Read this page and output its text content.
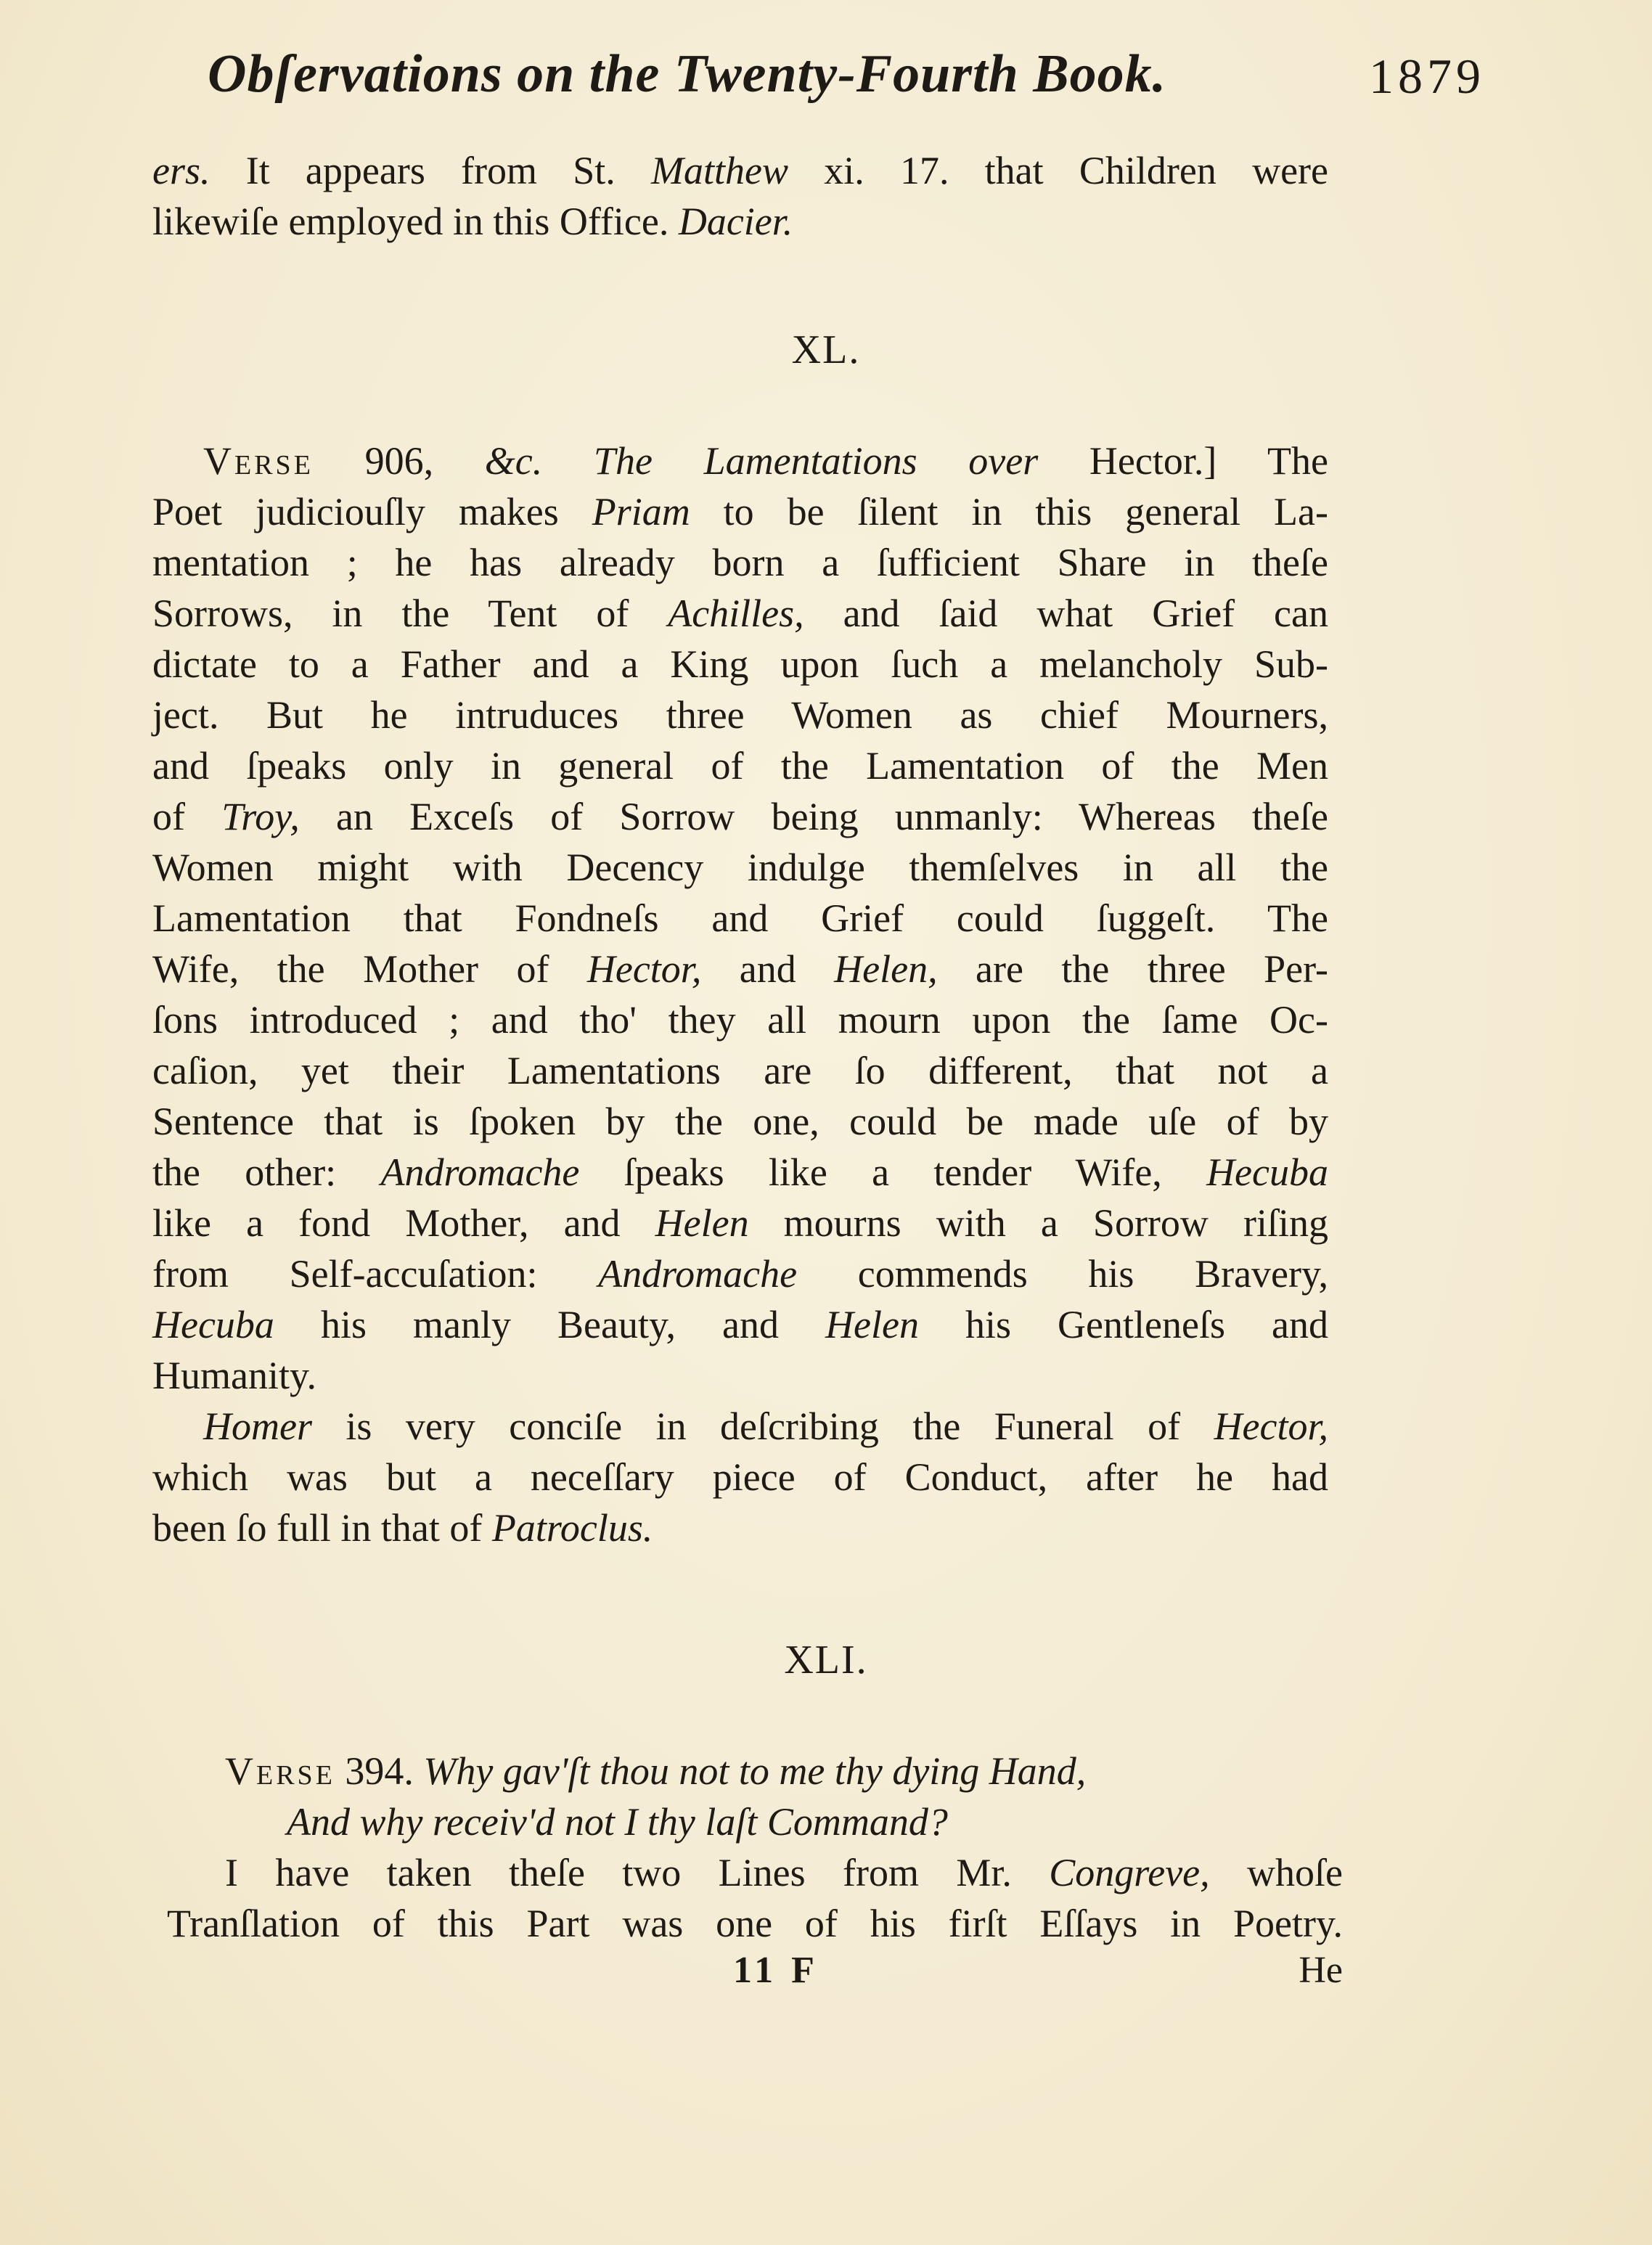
Obſervations on the Twenty-Fourth Book.	1879
ers. It appears from St. Matthew xi. 17. that Children were
likewiſe employed in this Office. Dacier.
XL.
Verse 906, &c. The Lamentations over Hector.] The
Poet judiciouſly makes Priam to be ſilent in this general La-
mentation ; he has already born a ſufficient Share in theſe
Sorrows, in the Tent of Achilles, and ſaid what Grief can
dictate to a Father and a King upon ſuch a melancholy Sub-
ject. But he intruduces three Women as chief Mourners,
and ſpeaks only in general of the Lamentation of the Men
of Troy, an Exceſs of Sorrow being unmanly: Whereas theſe
Women might with Decency indulge themſelves in all the
Lamentation that Fondneſs and Grief could ſuggeſt. The
Wife, the Mother of Hector, and Helen, are the three Per-
ſons introduced ; and tho' they all mourn upon the ſame Oc-
caſion, yet their Lamentations are ſo different, that not a
Sentence that is ſpoken by the one, could be made uſe of by
the other: Andromache ſpeaks like a tender Wife, Hecuba
like a fond Mother, and Helen mourns with a Sorrow riſing
from Self-accuſation: Andromache commends his Bravery,
Hecuba his manly Beauty, and Helen his Gentleneſs and
Humanity.
Homer is very conciſe in deſcribing the Funeral of Hector,
which was but a neceſſary piece of Conduct, after he had
been ſo full in that of Patroclus.
XLI.
Verse 394. Why gav'ſt thou not to me thy dying Hand,
And why receiv'd not I thy laſt Command?
I have taken theſe two Lines from Mr. Congreve, whoſe
Tranſlation of this Part was one of his firſt Eſſays in Poetry.
11 F	He
